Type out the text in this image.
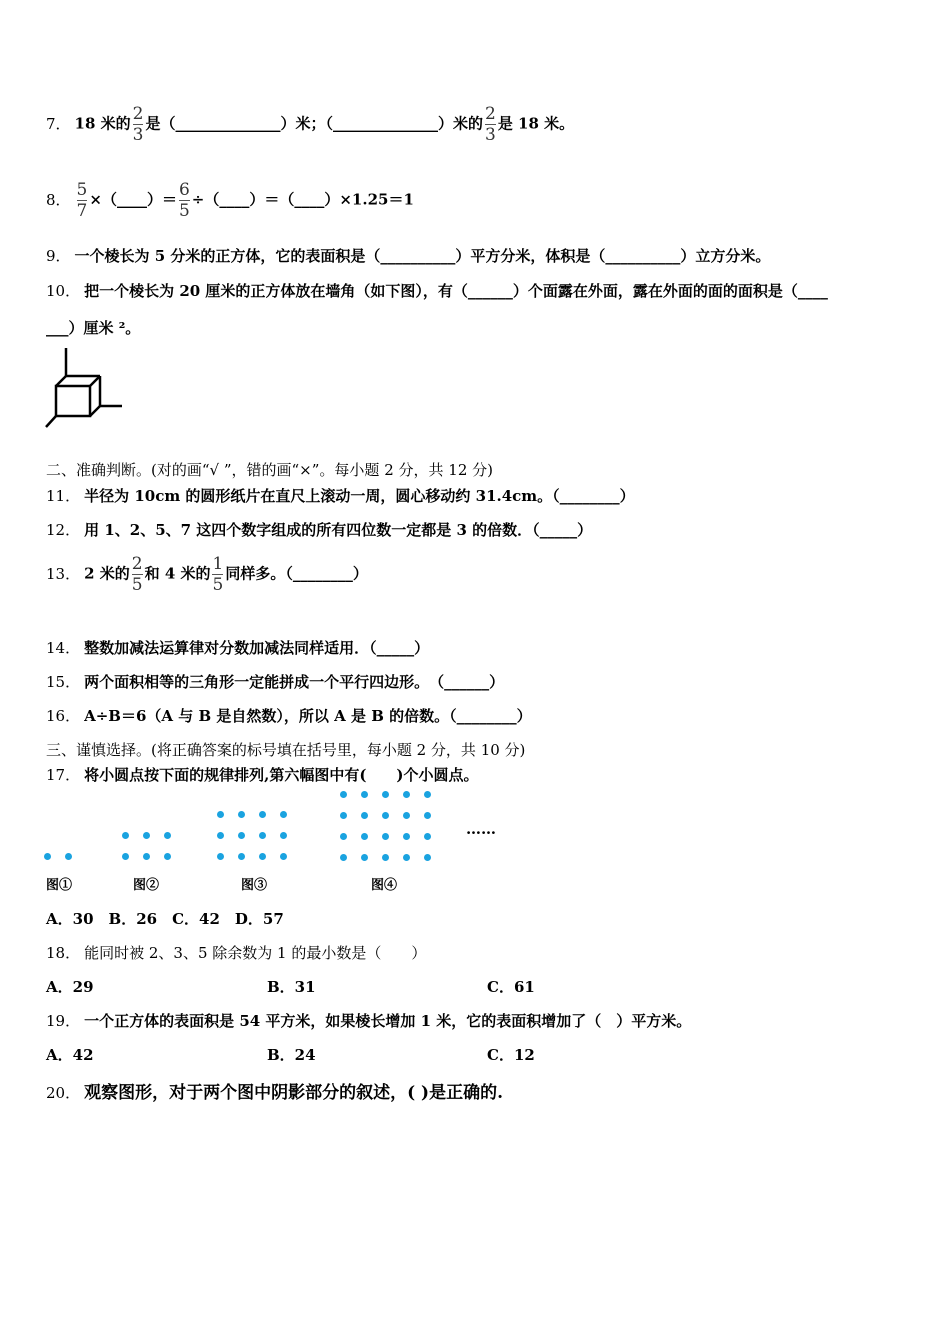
7． 18 米的 $\frac{2}{3}$ 是（______________）米；（______________）米的 $\frac{2}{3}$ 是 18 米。
8． $\frac{5}{7}$ ×（____）＝ $\frac{6}{5}$ ÷（____）＝（____）×1.25＝1
9． 一个棱长为 5 分米的正方体，它的表面积是（__________）平方分米，体积是（__________）立方分米。
10． 把一个棱长为 20 厘米的正方体放在墙角（如下图），有（______）个面露在外面，露在外面的面的面积是（____
___）厘米 ²。
二、准确判断。(对的画“√ ”，错的画“×”。每小题 2 分，共 12 分)
11． 半径为 10cm 的圆形纸片在直尺上滚动一周，圆心移动约 31.4cm。（________）
12． 用 1、2、5、7 这四个数字组成的所有四位数一定都是 3 的倍数．（_____）
13． 2 米的 $\frac{2}{5}$ 和 4 米的 $\frac{1}{5}$ 同样多。（________）
14． 整数加减法运算律对分数加减法同样适用．（_____）
15． 两个面积相等的三角形一定能拼成一个平行四边形。　（______）
16． A÷B＝6（A 与 B 是自然数），所以 A 是 B 的倍数。（________）
三、谨慎选择。(将正确答案的标号填在括号里，每小题 2 分，共 10 分)
17． 将小圆点按下面的规律排列,第六幅图中有(　　)个小圆点。
图①	图②	图③	图④
……
A．30　B．26　C．42　D．57
18． 能同时被 2、3、5 除余数为 1 的最小数是（　　）
A．29	B．31	C．61
19． 一个正方体的表面积是 54 平方米，如果棱长增加 1 米，它的表面积增加了（　）平方米。
A．42	B．24	C．12
20． 观察图形，对于两个图中阴影部分的叙述，( )是正确的.
